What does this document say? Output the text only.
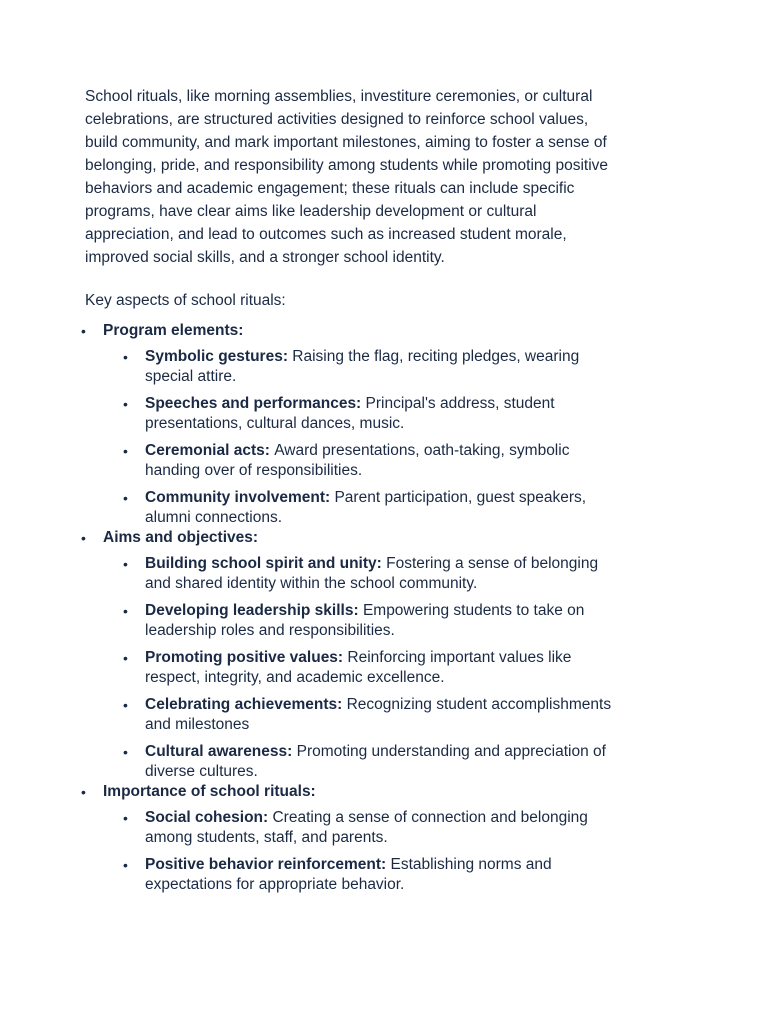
School rituals, like morning assemblies, investiture ceremonies, or cultural celebrations, are structured activities designed to reinforce school values, build community, and mark important milestones, aiming to foster a sense of belonging, pride, and responsibility among students while promoting positive behaviors and academic engagement; these rituals can include specific programs, have clear aims like leadership development or cultural appreciation, and lead to outcomes such as increased student morale, improved social skills, and a stronger school identity.

Key aspects of school rituals:

• Program elements:
• Symbolic gestures: Raising the flag, reciting pledges, wearing special attire.
• Speeches and performances: Principal's address, student presentations, cultural dances, music.
• Ceremonial acts: Award presentations, oath-taking, symbolic handing over of responsibilities.
• Community involvement: Parent participation, guest speakers, alumni connections.
• Aims and objectives:
• Building school spirit and unity: Fostering a sense of belonging and shared identity within the school community.
• Developing leadership skills: Empowering students to take on leadership roles and responsibilities.
• Promoting positive values: Reinforcing important values like respect, integrity, and academic excellence.
• Celebrating achievements: Recognizing student accomplishments and milestones
• Cultural awareness: Promoting understanding and appreciation of diverse cultures.
• Importance of school rituals:
• Social cohesion: Creating a sense of connection and belonging among students, staff, and parents.
• Positive behavior reinforcement: Establishing norms and expectations for appropriate behavior.
